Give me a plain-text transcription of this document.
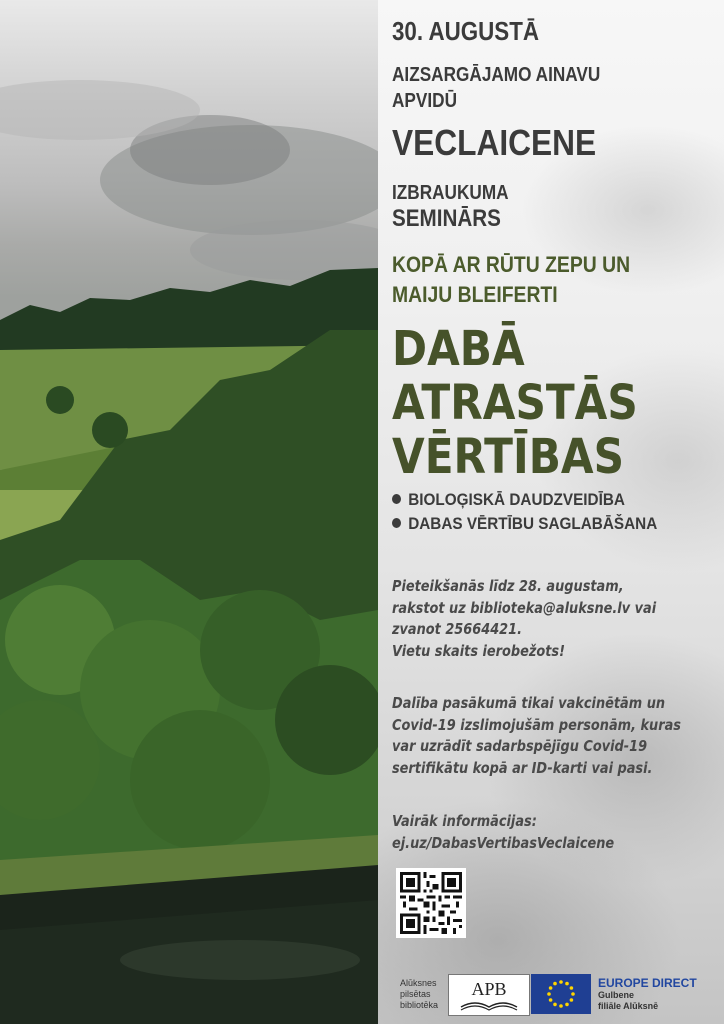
30. AUGUSTĀ

AIZSARGĀJAMO AINAVU
APVIDŪ

VECLAICENE

IZBRAUKUMA
SEMINĀRS

KOPĀ AR RŪTU ZEPU UN
MAIJU BLEIFERTI

DABĀ
ATRASTĀS
VĒRTĪBAS

BIOLOĢISKĀ DAUDZVEIDĪBA
DABAS VĒRTĪBU SAGLABĀŠANA

Pieteikšanās līdz 28. augustam,
rakstot uz biblioteka@aluksne.lv vai
zvanot 25664421.
Vietu skaits ierobežots!

Dalība pasākumā tikai vakcinētām un
Covid-19 izslimojušām personām, kuras
var uzrādīt sadarbspējīgu Covid-19
sertifikātu kopā ar ID-karti vai pasi.

Vairāk informācijas:
ej.uz/DabasVertibasVeclaicene

Alūksnes
pilsētas
bibliotēka
APB	EUROPE DIRECT
Gulbene
filiāle Alūksnē
